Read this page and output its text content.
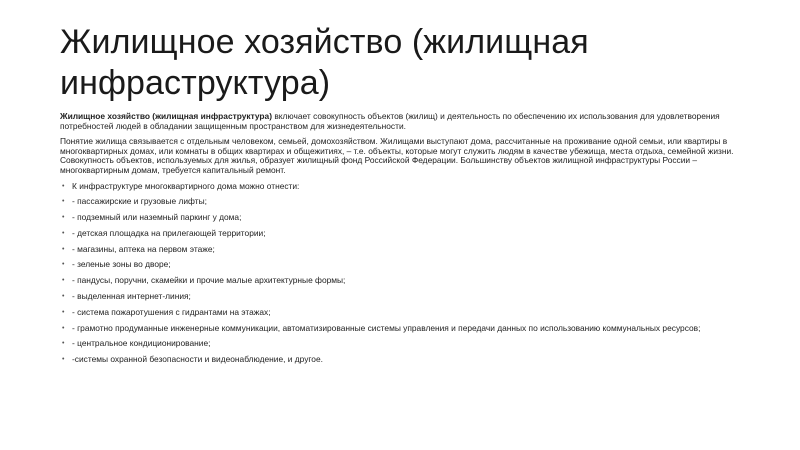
Жилищное хозяйство (жилищная инфраструктура)

Жилищное хозяйство (жилищная инфраструктура) включает совокупность объектов (жилищ) и деятельность по обеспечению их использования для удовлетворения потребностей людей в обладании защищенным пространством для жизнедеятельности.

Понятие жилища связывается с отдельным человеком, семьей, домохозяйством. Жилищами выступают дома, рассчитанные на проживание одной семьи, или квартиры в многоквартирных домах, или комнаты в общих квартирах и общежитиях, – т.е. объекты, которые могут служить людям в качестве убежища, места отдыха, семейной жизни. Совокупность объектов, используемых для жилья, образует жилищный фонд Российской Федерации. Большинству объектов жилищной инфраструктуры России – многоквартирным домам, требуется капитальный ремонт.

• К инфраструктуре многоквартирного дома можно отнести:
• - пассажирские и грузовые лифты;
• - подземный или наземный паркинг у дома;
• - детская площадка на прилегающей территории;
• - магазины, аптека на первом этаже;
• - зеленые зоны во дворе;
• - пандусы, поручни, скамейки и прочие малые архитектурные формы;
• - выделенная интернет-линия;
• - система пожаротушения с гидрантами на этажах;
• - грамотно продуманные инженерные коммуникации, автоматизированные системы управления и передачи данных по использованию коммунальных ресурсов;
• - центральное кондиционирование;
• -системы охранной безопасности и видеонаблюдение, и другое.
